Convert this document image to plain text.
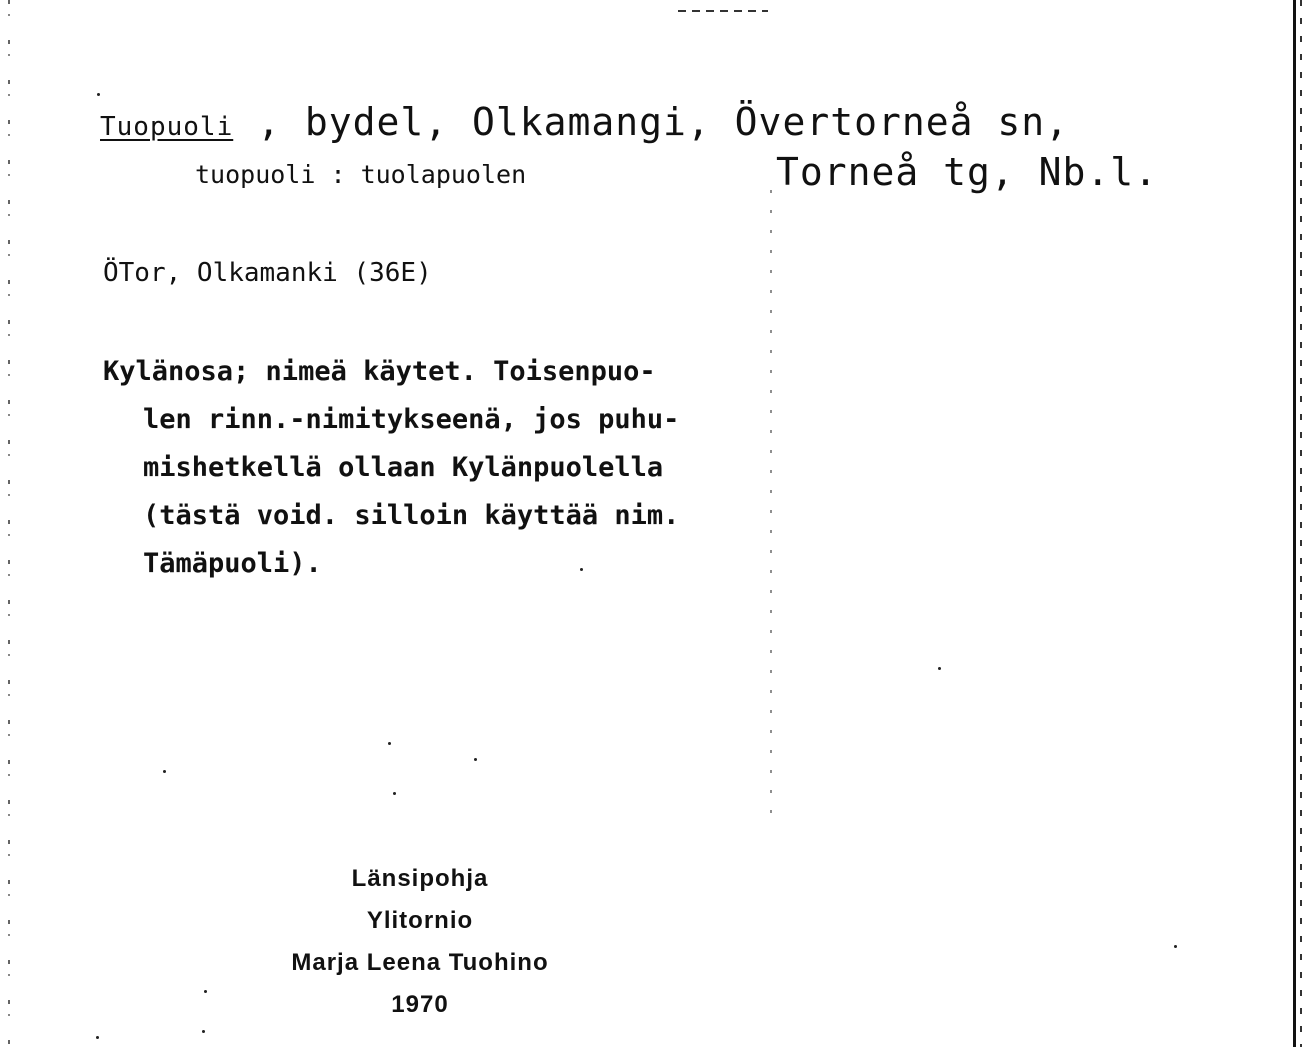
Tuopuoli , bydel, Olkamangi, Övertorneå sn,
tuopuoli : tuolapuolen	Torneå tg, Nb.l.
ÖTor, Olkamanki (36E)
Kylänosa; nimeä käytet. Toisenpuo-
len rinn.-nimitykseenä, jos puhu-
mishetkellä ollaan Kylänpuolella
(tästä void. silloin käyttää nim.
Tämäpuoli).
Länsipohja
Ylitornio
Marja Leena Tuohino
1970
